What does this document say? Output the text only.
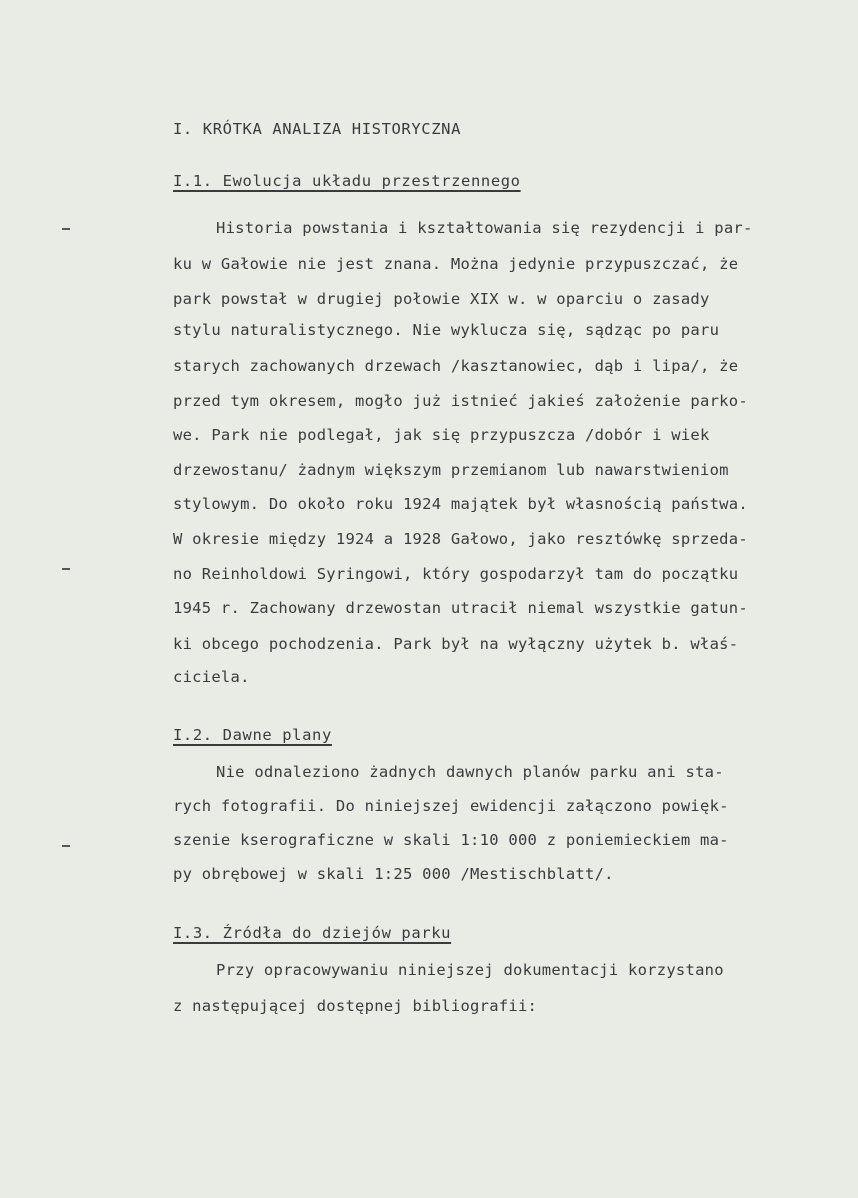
I. KRÓTKA ANALIZA HISTORYCZNA
I.1. Ewolucja układu przestrzennego
Historia powstania i kształtowania się rezydencji i par-
ku w Gałowie nie jest znana. Można jedynie przypuszczać, że
park powstał w drugiej połowie XIX w. w oparciu o zasady
stylu naturalistycznego. Nie wyklucza się, sądząc po paru
starych zachowanych drzewach /kasztanowiec, dąb i lipa/, że
przed tym okresem, mogło już istnieć jakieś założenie parko-
we. Park nie podlegał, jak się przypuszcza /dobór i wiek
drzewostanu/ żadnym większym przemianom lub nawarstwieniom
stylowym. Do około roku 1924 majątek był własnością państwa.
W okresie między 1924 a 1928 Gałowo, jako resztówkę sprzeda-
no Reinholdowi Syringowi, który gospodarzył tam do początku
1945 r. Zachowany drzewostan utracił niemal wszystkie gatun-
ki obcego pochodzenia. Park był na wyłączny użytek b. właś-
ciciela.
I.2. Dawne plany
Nie odnaleziono żadnych dawnych planów parku ani sta-
rych fotografii. Do niniejszej ewidencji załączono powięk-
szenie kserograficzne w skali 1:10 000 z poniemieckiem ma-
py obrębowej w skali 1:25 000 /Mestischblatt/.
I.3. Źródła do dziejów parku
Przy opracowywaniu niniejszej dokumentacji korzystano
z następującej dostępnej bibliografii:
